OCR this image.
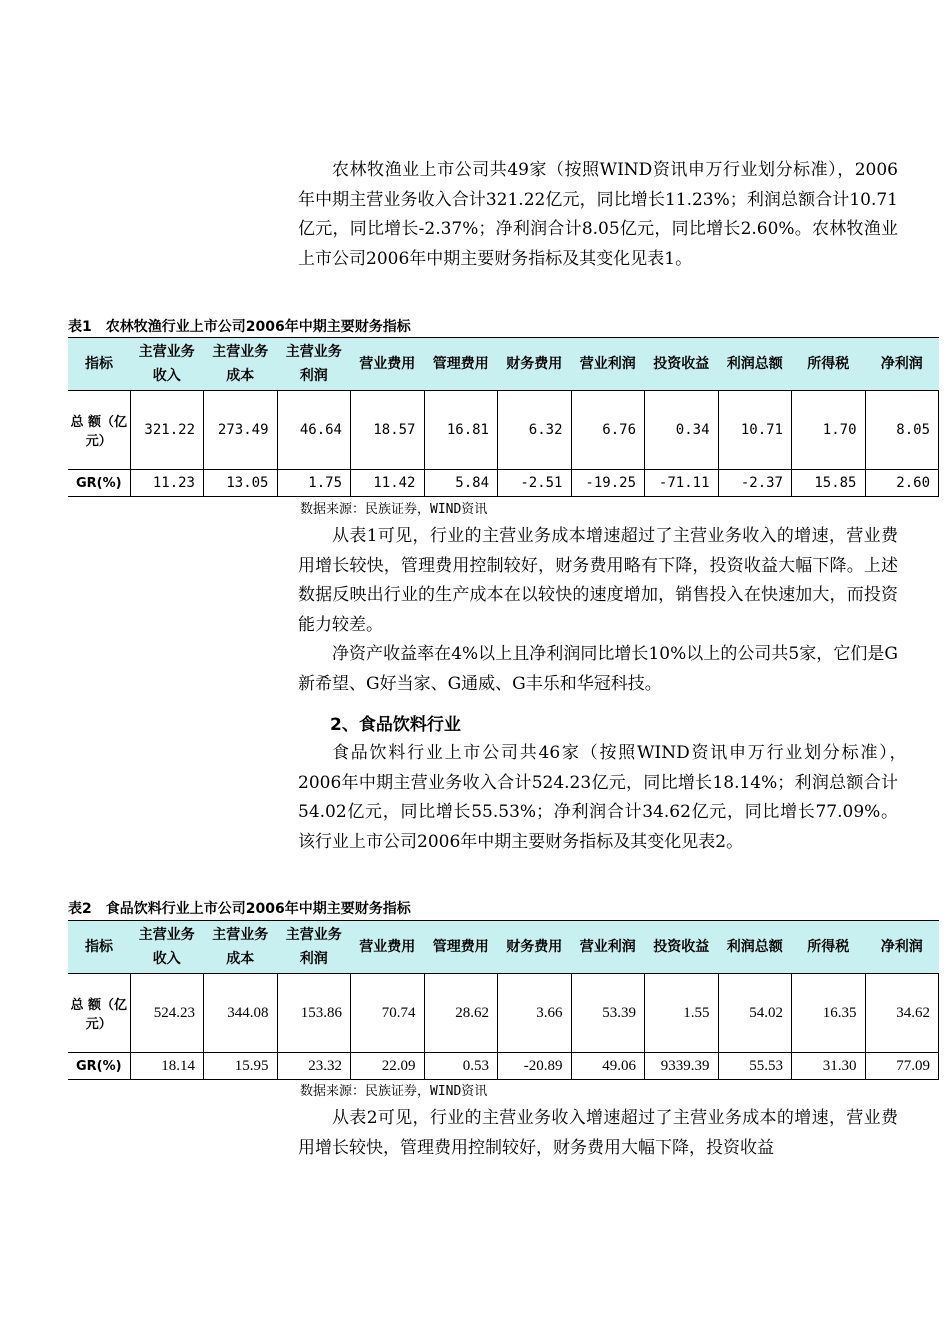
农林牧渔业上市公司共49家（按照WIND资讯申万行业划分标准），2006年中期主营业务收入合计321.22亿元，同比增长11.23%；利润总额合计10.71亿元，同比增长-2.37%；净利润合计8.05亿元，同比增长2.60%。农林牧渔业上市公司2006年中期主要财务指标及其变化见表1。

表1　农林牧渔行业上市公司2006年中期主要财务指标
指标	主营业务收入	主营业务成本	主营业务利润	营业费用	管理费用	财务费用	营业利润	投资收益	利润总额	所得税	净利润
总 额（亿元）	321.22	273.49	46.64	18.57	16.81	6.32	6.76	0.34	10.71	1.70	8.05
GR(%)	11.23	13.05	1.75	11.42	5.84	-2.51	-19.25	-71.11	-2.37	15.85	2.60
数据来源：民族证券，WIND资讯

从表1可见，行业的主营业务成本增速超过了主营业务收入的增速，营业费用增长较快，管理费用控制较好，财务费用略有下降，投资收益大幅下降。上述数据反映出行业的生产成本在以较快的速度增加，销售投入在快速加大，而投资能力较差。

净资产收益率在4%以上且净利润同比增长10%以上的公司共5家，它们是G新希望、G好当家、G通威、G丰乐和华冠科技。

2、食品饮料行业

食品饮料行业上市公司共46家（按照WIND资讯申万行业划分标准），　2006年中期主营业务收入合计524.23亿元，同比增长18.14%；利润总额合计54.02亿元，同比增长55.53%；净利润合计34.62亿元，同比增长77.09%。该行业上市公司2006年中期主要财务指标及其变化见表2。

表2　食品饮料行业上市公司2006年中期主要财务指标
指标	主营业务收入	主营业务成本	主营业务利润	营业费用	管理费用	财务费用	营业利润	投资收益	利润总额	所得税	净利润
总 额（亿元）	524.23	344.08	153.86	70.74	28.62	3.66	53.39	1.55	54.02	16.35	34.62
GR(%)	18.14	15.95	23.32	22.09	0.53	-20.89	49.06	9339.39	55.53	31.30	77.09
数据来源：民族证券，WIND资讯

从表2可见，行业的主营业务收入增速超过了主营业务成本的增速，营业费用增长较快，管理费用控制较好，财务费用大幅下降，投资收益
